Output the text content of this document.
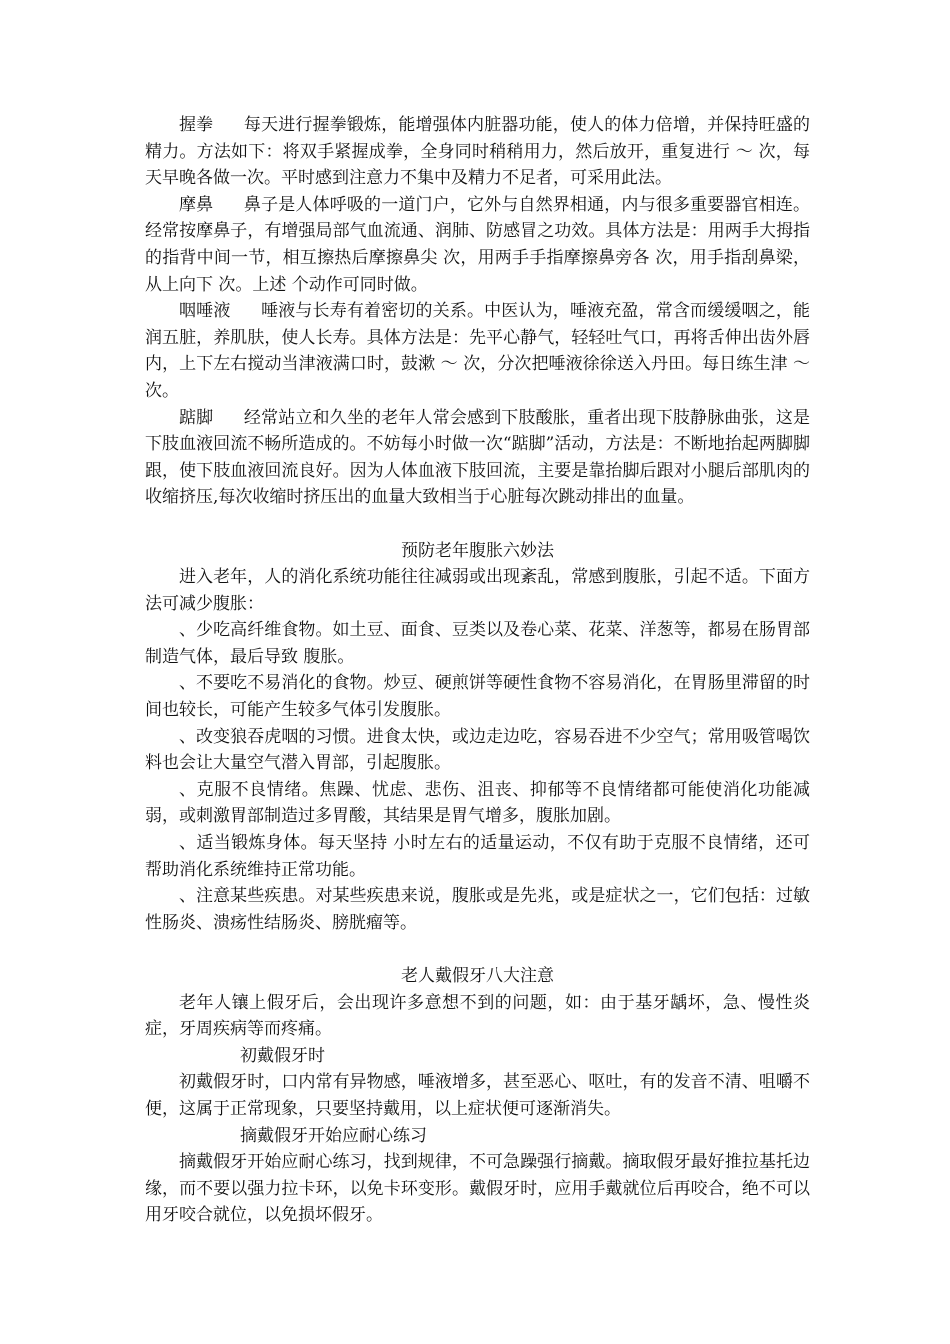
握拳 每天进行握拳锻炼，能增强体内脏器功能，使人的体力倍增，并保持旺盛的精力。方法如下：将双手紧握成拳，全身同时稍稍用力，然后放开，重复进行 ～ 次，每天早晚各做一次。平时感到注意力不集中及精力不足者，可采用此法。

摩鼻 鼻子是人体呼吸的一道门户，它外与自然界相通，内与很多重要器官相连。经常按摩鼻子，有增强局部气血流通、润肺、防感冒之功效。具体方法是：用两手大拇指的指背中间一节，相互擦热后摩擦鼻尖 次，用两手手指摩擦鼻旁各 次，用手指刮鼻梁，从上向下 次。上述 个动作可同时做。

咽唾液 唾液与长寿有着密切的关系。中医认为，唾液充盈，常含而缓缓咽之，能润五脏，养肌肤，使人长寿。具体方法是：先平心静气，轻轻吐气口，再将舌伸出齿外唇内，上下左右搅动当津液满口时，鼓漱 ～ 次，分次把唾液徐徐送入丹田。每日练生津 ～ 次。

踮脚 经常站立和久坐的老年人常会感到下肢酸胀，重者出现下肢静脉曲张，这是下肢血液回流不畅所造成的。不妨每小时做一次“踮脚”活动，方法是：不断地抬起两脚脚跟，使下肢血液回流良好。因为人体血液下肢回流，主要是靠抬脚后跟对小腿后部肌肉的收缩挤压,每次收缩时挤压出的血量大致相当于心脏每次跳动排出的血量。

预防老年腹胀六妙法

进入老年，人的消化系统功能往往减弱或出现紊乱，常感到腹胀，引起不适。下面方法可减少腹胀：

、少吃高纤维食物。如土豆、面食、豆类以及卷心菜、花菜、洋葱等，都易在肠胃部制造气体，最后导致 腹胀。

、不要吃不易消化的食物。炒豆、硬煎饼等硬性食物不容易消化，在胃肠里滞留的时间也较长，可能产生较多气体引发腹胀。

、改变狼吞虎咽的习惯。进食太快，或边走边吃，容易吞进不少空气；常用吸管喝饮料也会让大量空气潜入胃部，引起腹胀。

、克服不良情绪。焦躁、忧虑、悲伤、沮丧、抑郁等不良情绪都可能使消化功能减弱，或刺激胃部制造过多胃酸，其结果是胃气增多，腹胀加剧。

、适当锻炼身体。每天坚持 小时左右的适量运动，不仅有助于克服不良情绪，还可帮助消化系统维持正常功能。

、注意某些疾患。对某些疾患来说，腹胀或是先兆，或是症状之一，它们包括：过敏性肠炎、溃疡性结肠炎、膀胱瘤等。

老人戴假牙八大注意

老年人镶上假牙后，会出现许多意想不到的问题，如：由于基牙龋坏，急、慢性炎症，牙周疾病等而疼痛。

初戴假牙时

初戴假牙时，口内常有异物感，唾液增多，甚至恶心、呕吐，有的发音不清、咀嚼不便，这属于正常现象，只要坚持戴用，以上症状便可逐渐消失。

摘戴假牙开始应耐心练习

摘戴假牙开始应耐心练习，找到规律，不可急躁强行摘戴。摘取假牙最好推拉基托边缘，而不要以强力拉卡环，以免卡环变形。戴假牙时，应用手戴就位后再咬合，绝不可以用牙咬合就位，以免损坏假牙。
